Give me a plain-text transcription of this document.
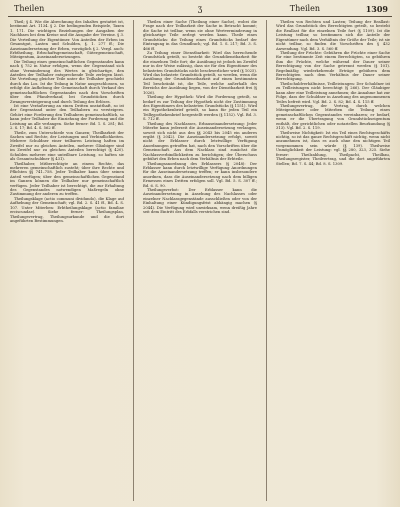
Theilen	ʒ	Theilen	1309

Theil; § 4. Wie die Abrechnung des Inhaltes gestattet ist, bestimmt Art. 1134. § 2. Die bedingenden Beispiele, Taxen 1. 171. Die wichtigen Beziehungen der Ausgaben der Nachbarn bei dem Kreise und die Ausgabe der Vereine. § 3. Die Verteilung der Eigentümer. Von Anteilen der Erben im Gesamtgut, Lasten und Schulden, §. 1. 277 ff.; Die Auseinandersetzung der Erben, vorzüglich § 2. Vergl. auch: Erbtheilung, Erbschaftsgemeinschaft, Gütergemeinschaft, Miteigentum, Auseinandersetzungen.

Die Teilung eines gemeinschaftlichen Gegenstandes kann nach § 752 in Natur erfolgen, wenn der Gegenstand sich ohne Verminderung des Wertes in gleichartige, den Anteilen der Teilhaber entsprechende Teile zerlegen lässt. Die Verteilung gleicher Teile unter die Teilhaber geschieht durch das Los. Ist die Teilung in Natur ausgeschlossen, so erfolgt die Aufhebung der Gemeinschaft durch Verkauf des gemeinschaftlichen Gegenstandes nach den Vorschriften über den Pfandverkauf, bei Grundstücken durch Zwangsversteigerung und durch Teilung des Erlöses.

Ist eine Veräußerung an einen Dritten unstatthaft, so ist der Gegenstand unter den Teilhabern zu versteigern. Gehört eine Forderung den Teilhabern gemeinschaftlich, so kann jeder Teilhaber die Einziehung der Forderung und die Leistung an alle verlangen. Siehe ferner: Bd. 1. S. 281; Bd. 2. S. 17; Bd. 4. S. 562 ff.

Theile, zum Unterschiede von Ganzen; Theilbarkeit der Sachen und Rechte, der Leistungen und Verbindlichkeiten. Mehrere Schuldner einer teilbaren Leistung haften im Zweifel nur zu gleichen Anteilen, mehrere Gläubiger sind im Zweifel nur zu gleichen Anteilen berechtigt (§ 420). Schulden mehrere eine unteilbare Leistung, so haften sie als Gesamtschuldner (§ 431).

Theilhaber, Mitberechtigte an einem Rechte, das mehreren gemeinschaftlich zusteht; über ihre Rechte und Pflichten §§ 741–758. Jeder Teilhaber kann über seinen Anteil verfügen; über den gemeinschaftlichen Gegenstand im Ganzen können die Teilhaber nur gemeinschaftlich verfügen. Jeder Teilhaber ist berechtigt, die zur Erhaltung des Gegenstandes notwendigen Maßregeln ohne Zustimmung der anderen zu treffen.

Theilungsklage (actio communi dividundo), die Klage auf Aufhebung der Gemeinschaft; vgl. Bd. 2. S. 41 ff., Bd. 4. S. 107. Unter Miterben: Erbtheilungsklage (actio familiae erciscundae). Siehe ferner: Theilungsplan, Theilungsvertrag, Theilungsurkunde und die dort angeführten Bestimmungen.

Theilen einer Sache (Theilung einer Sache), wobei die Frage nach der Teilbarkeit der Sache in Betracht kommt; die Sache ist teilbar, wenn sie ohne Wertverminderung in gleichartige Teile zerlegt werden kann. Theile eines Grundstücks: die Teilung eines Grundstücks bedarf der Eintragung in das Grundbuch; vgl. Bd. 1. S. 217; Bd. 3. S. 466 ff.

Zu Teilung einer Dienstbarkeit: Wird das herrschende Grundstück geteilt, so besteht die Grunddienstbarkeit für die einzelnen Teile fort; die Ausübung ist jedoch im Zweifel nur in der Weise zulässig, dass sie für den Eigentümer des belasteten Grundstücks nicht beschwerlicher wird (§ 1025). Wird das belastete Grundstück geteilt, so werden, wenn die Ausübung der Grunddienstbarkeit auf einen bestimmten Teil beschränkt ist, die Teile, welche außerhalb des Bereichs der Ausübung liegen, von der Dienstbarkeit frei (§ 1026).

Theilung der Hypothek: Wird die Forderung geteilt, so bedarf es zur Teilung der Hypothek nicht der Zustimmung des Eigentümers des belasteten Grundstücks (§ 1151). Wird ein Hypothekenbrief geteilt, so kann für jeden Teil ein Teilhypothekenbrief hergestellt werden (§ 1152). Vgl. Bd. 3. S. 712 ff.

Theilung des Nachlasses, Erbauseinandersetzung: Jeder Miterbe kann jederzeit die Auseinandersetzung verlangen, soweit sich nicht aus den §§ 2043 bis 2045 ein anderes ergibt (§ 2042). Die Auseinandersetzung erfolgt, soweit nicht der Erblasser durch letztwillige Verfügung Anordnungen getroffen hat, nach den Vorschriften über die Gemeinschaft. Aus dem Nachlass sind zunächst die Nachlassverbindlichkeiten zu berichtigen; der Überschuss gebührt den Erben nach dem Verhältnis der Erbteile.

Theilungsanordnung des Erblassers (§ 2048): Der Erblasser kann durch letztwillige Verfügung Anordnungen für die Auseinandersetzung treffen; er kann insbesondere anordnen, dass die Auseinandersetzung nach dem billigen Ermessen eines Dritten erfolgen soll. Vgl. Bd. 5. S. 307 ff.; Bd. 6. S. 90.

Theilungsverbot: Der Erblasser kann die Auseinandersetzung in Ansehung des Nachlasses oder einzelner Nachlassgegenstände ausschließen oder von der Einhaltung einer Kündigungsfrist abhängig machen (§ 2044). Die Verfügung wird unwirksam, wenn dreißig Jahre seit dem Eintritt des Erbfalls verstrichen sind.

Theilen von Rechten und Lasten; Teilung der Reallast: Wird das Grundstück des Berechtigten geteilt, so besteht die Reallast für die einzelnen Teile fort (§ 1109). Ist die Leistung teilbar, so bestimmen sich die Anteile der Eigentümer nach dem Verhältnis der Größe der Teile; ist sie nicht teilbar, so finden die Vorschriften des § 432 Anwendung. Vgl. Bd. 3. S. 560 ff.

Theilung der Früchte: Gebühren die Früchte einer Sache für eine bestimmte Zeit einem Berechtigten, so gebühren ihm die Früchte, welche während der Dauer seiner Berechtigung von der Sache getrennt werden (§ 101). Regelmäßig wiederkehrende Erträge gebühren dem Berechtigten nach dem Verhältnis der Dauer seiner Berechtigung.

Theilschuldverhältnisse, Teilleistungen: Der Schuldner ist zu Teilleistungen nicht berechtigt (§ 266). Der Gläubiger kann aber eine Teilleistung annehmen; die Annahme hat zur Folge, dass der Schuldner in Ansehung des angenommenen Teiles befreit wird. Vgl. Bd. 2. S. 82; Bd. 4. S. 115 ff.

Theilungsvertrag, der Vertrag, durch welchen Miteigentümer oder Miterben die Teilung eines gemeinschaftlichen Gegenstandes vereinbaren; er bedarf, wenn er die Übertragung von Grundstückseigentum enthält, der gerichtlichen oder notariellen Beurkundung (§ 313). Vgl. Bd. 2. S. 119.

Theilweise Nichtigkeit: Ist ein Teil eines Rechtsgeschäfts nichtig, so ist das ganze Rechtsgeschäft nichtig, wenn nicht anzunehmen ist, dass es auch ohne den nichtigen Teil vorgenommen sein würde (§ 139). Theilweise Unmöglichkeit der Leistung: vgl. §§ 280, 323, 325. Siehe ferner: Theilzahlung, Theilpacht, Theilbau, Theilungsregister, Theilvertrag, und die dort angeführten Stellen; Bd. 7. S. 44; Bd. 8. S. 1309.
